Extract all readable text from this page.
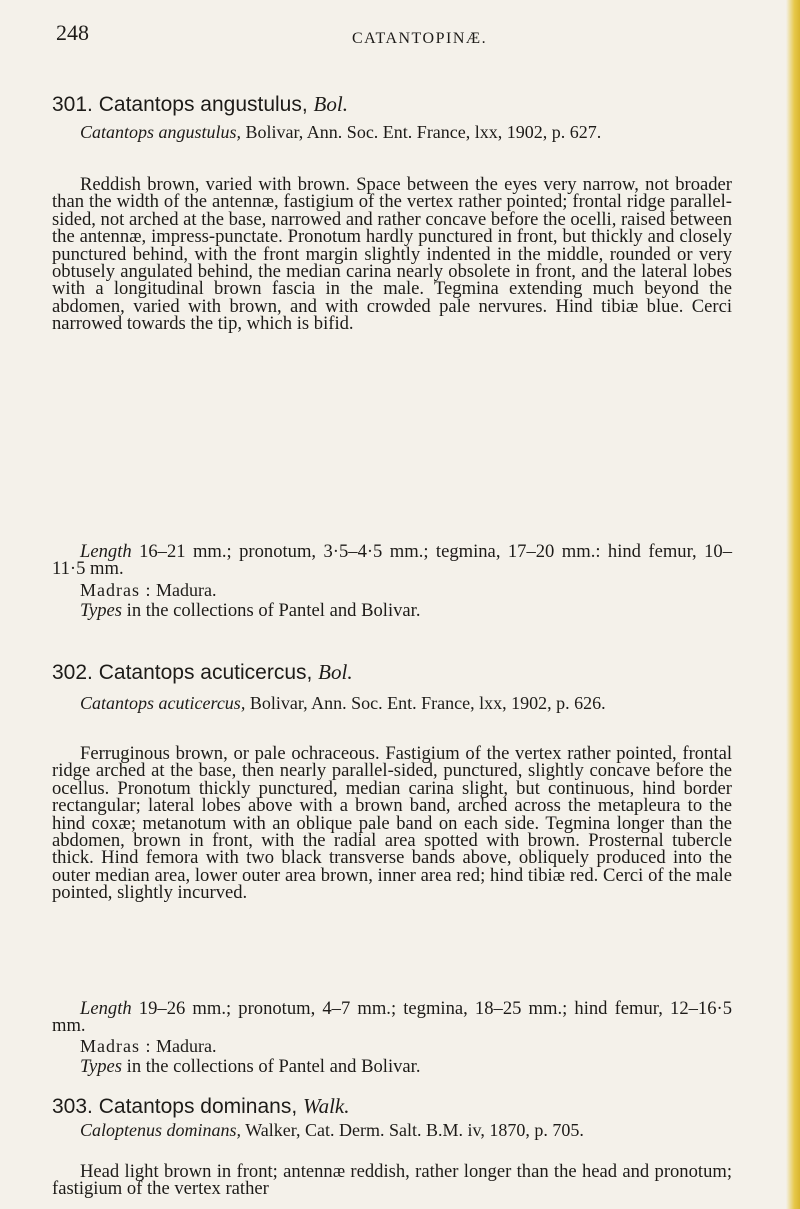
248	CATANTOPINÆ.
301. Catantops angustulus, Bol.
Catantops angustulus, Bolivar, Ann. Soc. Ent. France, lxx, 1902, p. 627.

Reddish brown, varied with brown. Space between the eyes very narrow, not broader than the width of the antennæ, fastigium of the vertex rather pointed; frontal ridge parallel-sided, not arched at the base, narrowed and rather concave before the ocelli, raised between the antennæ, impress-punctate. Pronotum hardly punctured in front, but thickly and closely punctured behind, with the front margin slightly indented in the middle, rounded or very obtusely angulated behind, the median carina nearly obsolete in front, and the lateral lobes with a longitudinal brown fascia in the male. Tegmina extending much beyond the abdomen, varied with brown, and with crowded pale nervures. Hind tibiæ blue. Cerci narrowed towards the tip, which is bifid.

Length 16–21 mm.; pronotum, 3·5–4·5 mm.; tegmina, 17–20 mm.: hind femur, 10–11·5 mm.

Madras : Madura.
Types in the collections of Pantel and Bolivar.
302. Catantops acuticercus, Bol.
Catantops acuticercus, Bolivar, Ann. Soc. Ent. France, lxx, 1902, p. 626.

Ferruginous brown, or pale ochraceous. Fastigium of the vertex rather pointed, frontal ridge arched at the base, then nearly parallel-sided, punctured, slightly concave before the ocellus. Pronotum thickly punctured, median carina slight, but continuous, hind border rectangular; lateral lobes above with a brown band, arched across the metapleura to the hind coxæ; metanotum with an oblique pale band on each side. Tegmina longer than the abdomen, brown in front, with the radial area spotted with brown. Prosternal tubercle thick. Hind femora with two black transverse bands above, obliquely produced into the outer median area, lower outer area brown, inner area red; hind tibiæ red. Cerci of the male pointed, slightly incurved.

Length 19–26 mm.; pronotum, 4–7 mm.; tegmina, 18–25 mm.; hind femur, 12–16·5 mm.

Madras : Madura.
Types in the collections of Pantel and Bolivar.
303. Catantops dominans, Walk.
Caloptenus dominans, Walker, Cat. Derm. Salt. B.M. iv, 1870, p. 705.

Head light brown in front; antennæ reddish, rather longer than the head and pronotum; fastigium of the vertex rather
